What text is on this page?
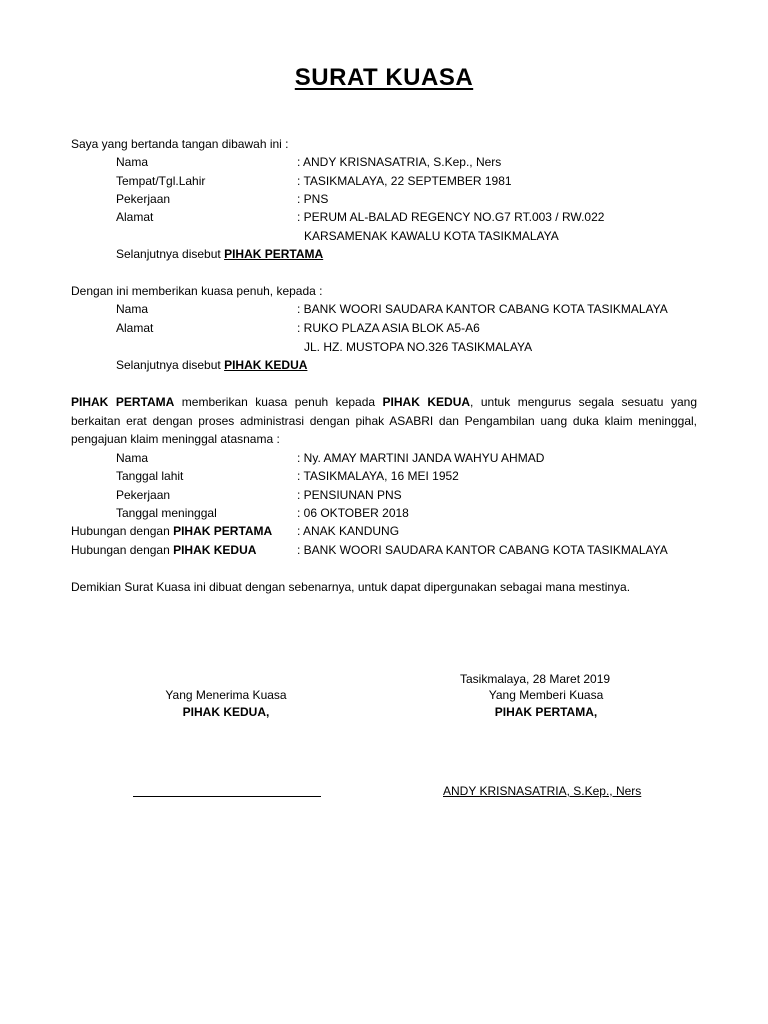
SURAT KUASA
Saya yang bertanda tangan dibawah ini :
Nama	: ANDY KRISNASATRIA, S.Kep., Ners
Tempat/Tgl.Lahir	: TASIKMALAYA, 22 SEPTEMBER 1981
Pekerjaan	: PNS
Alamat	: PERUM AL-BALAD REGENCY NO.G7 RT.003 / RW.022
KARSAMENAK KAWALU KOTA TASIKMALAYA
Selanjutnya disebut PIHAK PERTAMA
Dengan ini memberikan kuasa penuh, kepada :
Nama	: BANK WOORI SAUDARA KANTOR CABANG KOTA TASIKMALAYA
Alamat	: RUKO PLAZA ASIA BLOK A5-A6
JL. HZ. MUSTOPA NO.326 TASIKMALAYA
Selanjutnya disebut PIHAK KEDUA
PIHAK PERTAMA memberikan kuasa penuh kepada PIHAK KEDUA, untuk mengurus segala sesuatu yang berkaitan erat dengan proses administrasi dengan pihak ASABRI dan Pengambilan uang duka klaim meninggal, pengajuan klaim meninggal atasnama :
Nama	: Ny. AMAY MARTINI JANDA WAHYU AHMAD
Tanggal lahit	: TASIKMALAYA, 16 MEI 1952
Pekerjaan	: PENSIUNAN PNS
Tanggal meninggal	: 06 OKTOBER 2018
Hubungan dengan PIHAK PERTAMA : ANAK KANDUNG
Hubungan dengan PIHAK KEDUA	: BANK WOORI SAUDARA KANTOR CABANG KOTA TASIKMALAYA
Demikian Surat Kuasa ini dibuat dengan sebenarnya, untuk dapat dipergunakan sebagai mana mestinya.
Tasikmalaya, 28 Maret 2019
Yang Menerima Kuasa
PIHAK KEDUA,
Yang Memberi Kuasa
PIHAK PERTAMA,
ANDY KRISNASATRIA, S.Kep., Ners
